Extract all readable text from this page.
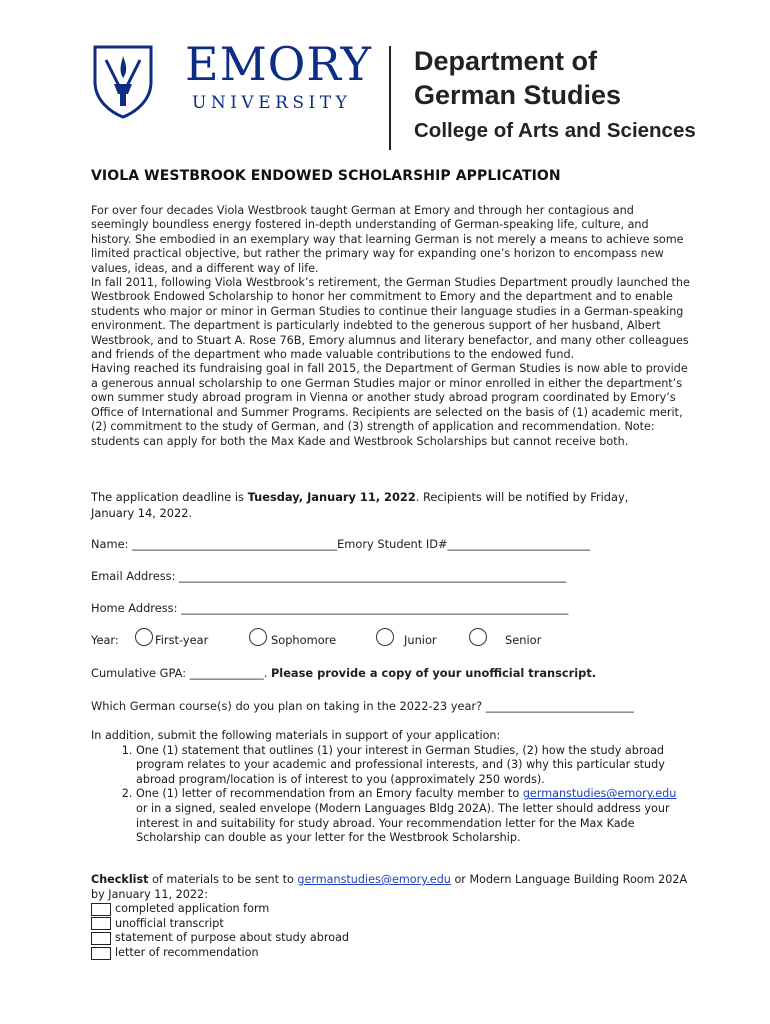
EMORY
UNIVERSITY
Department of
German Studies
College of Arts and Sciences
VIOLA WESTBROOK ENDOWED SCHOLARSHIP APPLICATION

For over four decades Viola Westbrook taught German at Emory and through her contagious and seemingly boundless energy fostered in-depth understanding of German-speaking life, culture, and history. She embodied in an exemplary way that learning German is not merely a means to achieve some limited practical objective, but rather the primary way for expanding one’s horizon to encompass new values, ideas, and a different way of life.

In fall 2011, following Viola Westbrook’s retirement, the German Studies Department proudly launched the Westbrook Endowed Scholarship to honor her commitment to Emory and the department and to enable students who major or minor in German Studies to continue their language studies in a German-speaking environment. The department is particularly indebted to the generous support of her husband, Albert Westbrook, and to Stuart A. Rose 76B, Emory alumnus and literary benefactor, and many other colleagues and friends of the department who made valuable contributions to the endowed fund.

Having reached its fundraising goal in fall 2015, the Department of German Studies is now able to provide a generous annual scholarship to one German Studies major or minor enrolled in either the department’s own summer study abroad program in Vienna or another study abroad program coordinated by Emory’s Office of International and Summer Programs. Recipients are selected on the basis of (1) academic merit, (2) commitment to the study of German, and (3) strength of application and recommendation. Note: students can apply for both the Max Kade and Westbrook Scholarships but cannot receive both.

The application deadline is Tuesday, January 11, 2022. Recipients will be notified by Friday, January 14, 2022.
Name: ____________________________________Emory Student ID#_________________________
Email Address: ____________________________________________________________________
Home Address: ____________________________________________________________________
Year:	First-year	Sophomore	Junior	Senior
Cumulative GPA: _____________. Please provide a copy of your unofficial transcript.
Which German course(s) do you plan on taking in the 2022-23 year? __________________________
In addition, submit the following materials in support of your application:
1. One (1) statement that outlines (1) your interest in German Studies, (2) how the study abroad program relates to your academic and professional interests, and (3) why this particular study abroad program/location is of interest to you (approximately 250 words).
2. One (1) letter of recommendation from an Emory faculty member to germanstudies@emory.edu or in a signed, sealed envelope (Modern Languages Bldg 202A). The letter should address your interest in and suitability for study abroad. Your recommendation letter for the Max Kade Scholarship can double as your letter for the Westbrook Scholarship.
Checklist of materials to be sent to germanstudies@emory.edu or Modern Language Building Room 202A by January 11, 2022:
completed application form
unofficial transcript
statement of purpose about study abroad
letter of recommendation
